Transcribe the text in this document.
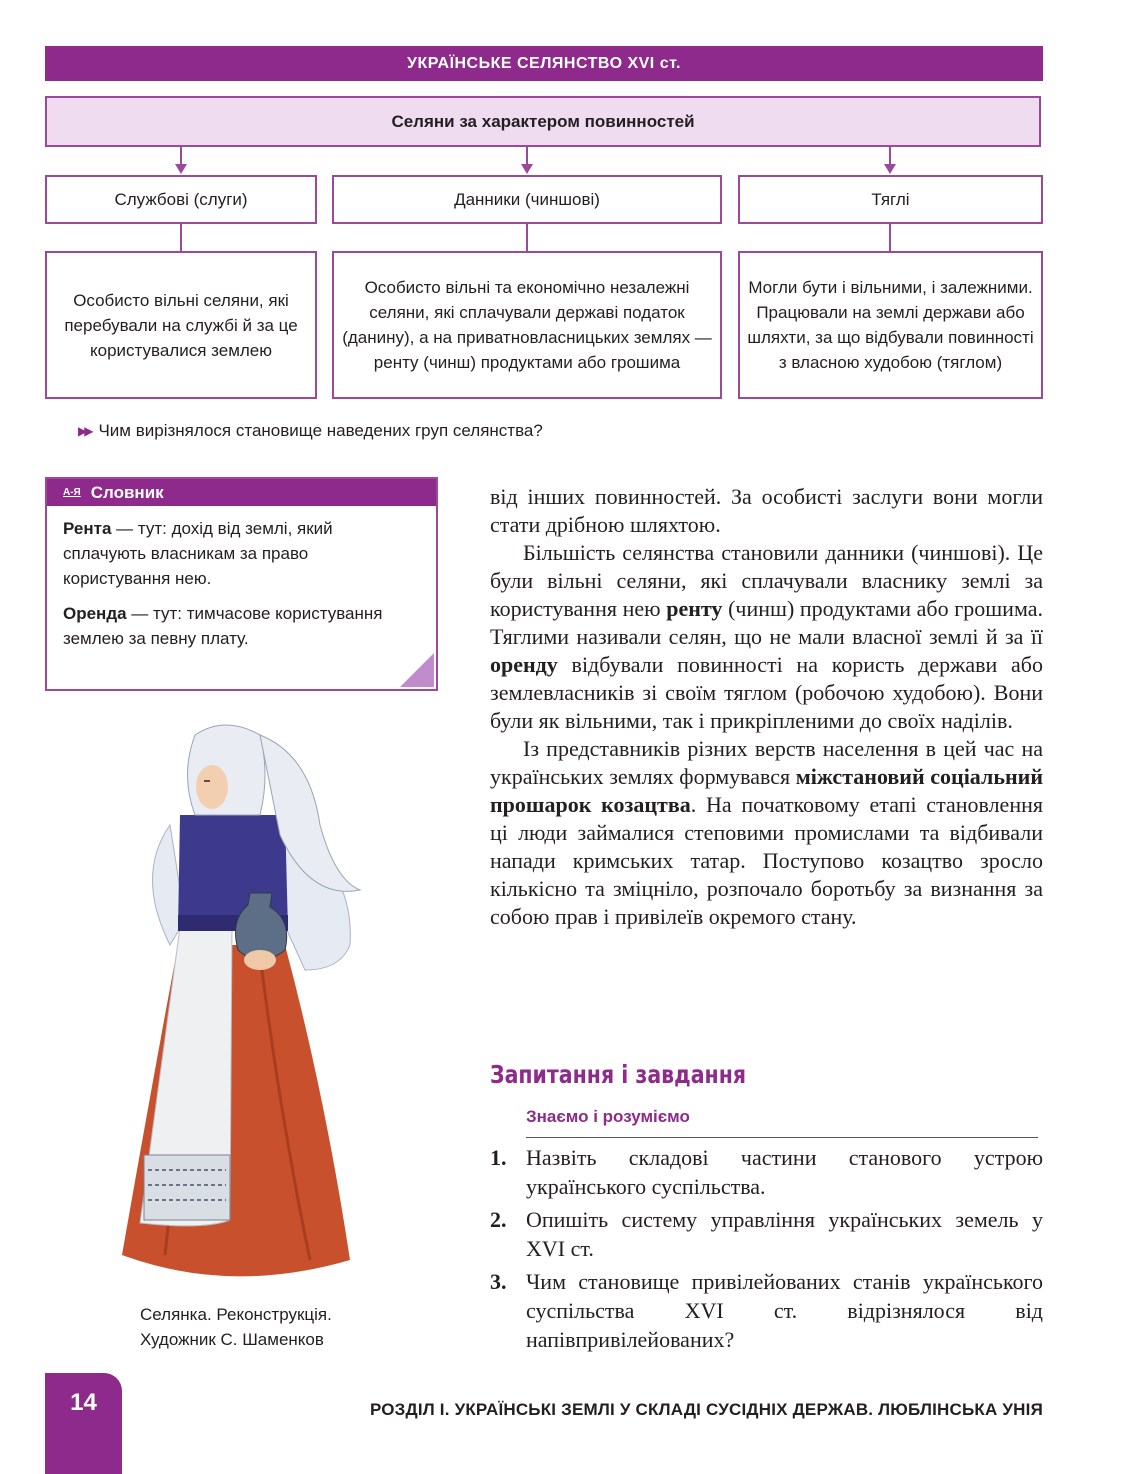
УКРАЇНСЬКЕ СЕЛЯНСТВО XVI ст.
Селяни за характером повинностей
Службові (слуги)	Данники (чиншові)	Тяглі
Особисто вільні селяни, які перебували на службі й за це користувалися землею
Особисто вільні та економічно незалежні селяни, які сплачували державі податок (данину), а на приватновласницьких землях — ренту (чинш) продуктами або грошима
Могли бути і вільними, і залежними. Працювали на землі держави або шляхти, за що відбували повинності з власною худобою (тяглом)
▶▶ Чим вирізнялося становище наведених груп селянства?
А-Я Словник

Рента — тут: дохід від землі, який сплачують власникам за право користування нею.

Оренда — тут: тимчасове користування землею за певну плату.

Селянка. Реконструкція.
Художник С. Шаменков

від інших повинностей. За особисті заслуги вони могли стати дрібною шляхтою.

Більшість селянства становили данники (чиншові). Це були вільні селяни, які сплачували власнику землі за користування нею ренту (чинш) продуктами або грошима. Тяглими називали селян, що не мали власної землі й за її оренду відбували повинності на користь держави або землевласників зі своїм тяглом (робочою худобою). Вони були як вільними, так і прикріпленими до своїх наділів.

Із представників різних верств населення в цей час на українських землях формувався міжстановий соціальний прошарок козацтва. На початковому етапі становлення ці люди займалися степовими промислами та відбивали напади кримських татар. Поступово козацтво зросло кількісно та зміцніло, розпочало боротьбу за визнання за собою прав і привілеїв окремого стану.

Запитання і завдання
Знаємо і розуміємо
1. Назвіть складові частини станового устрою українського суспільства.
2. Опишіть систему управління українських земель у XVI ст.
3. Чим становище привілейованих станів українського суспільства XVI ст. відрізнялося від напівпривілейованих?
14	РОЗДІЛ І. УКРАЇНСЬКІ ЗЕМЛІ У СКЛАДІ СУСІДНІХ ДЕРЖАВ. ЛЮБЛІНСЬКА УНІЯ
